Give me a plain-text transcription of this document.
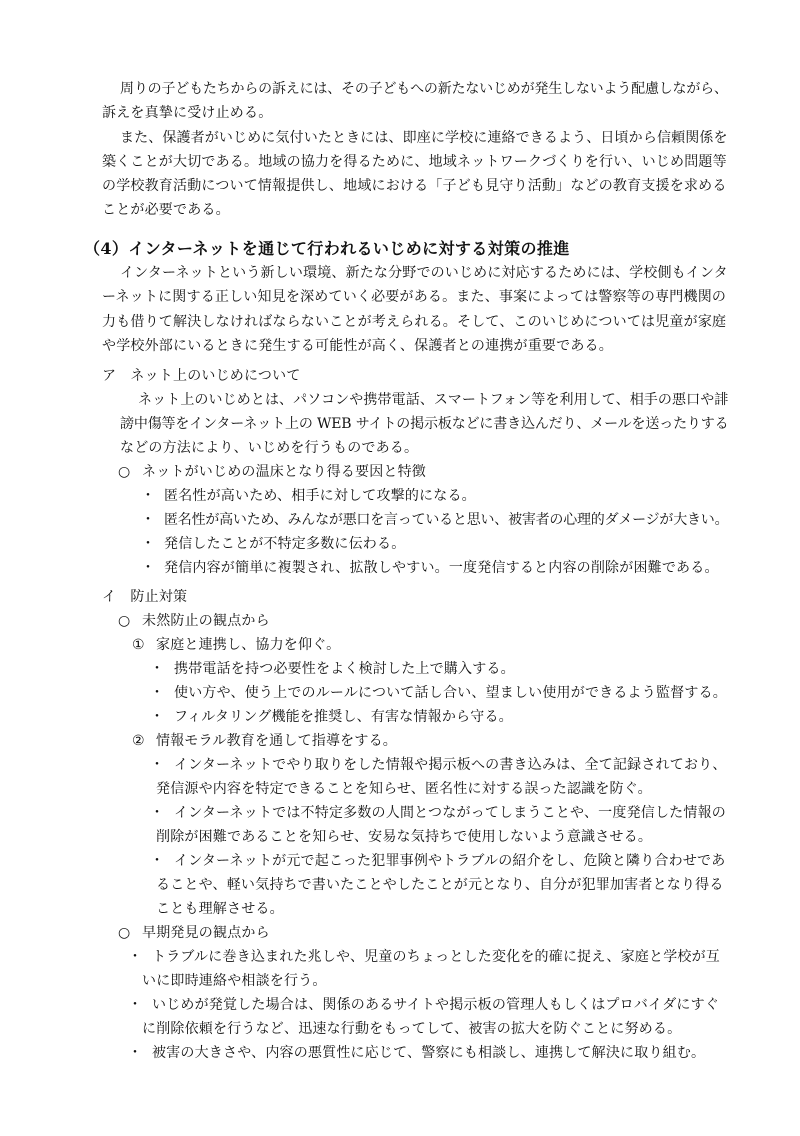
周りの子どもたちからの訴えには、その子どもへの新たないじめが発生しないよう配慮しながら、
訴えを真摯に受け止める。
また、保護者がいじめに気付いたときには、即座に学校に連絡できるよう、日頃から信頼関係を
築くことが大切である。地域の協力を得るために、地域ネットワークづくりを行い、いじめ問題等
の学校教育活動について情報提供し、地域における「子ども見守り活動」などの教育支援を求める
ことが必要である。
（4）インターネットを通じて行われるいじめに対する対策の推進
インターネットという新しい環境、新たな分野でのいじめに対応するためには、学校側もインタ
ーネットに関する正しい知見を深めていく必要がある。また、事案によっては警察等の専門機関の
力も借りて解決しなければならないことが考えられる。そして、このいじめについては児童が家庭
や学校外部にいるときに発生する可能性が高く、保護者との連携が重要である。
ア　ネット上のいじめについて
ネット上のいじめとは、パソコンや携帯電話、スマートフォン等を利用して、相手の悪口や誹
謗中傷等をインターネット上の WEB サイトの掲示板などに書き込んだり、メールを送ったりする
などの方法により、いじめを行うものである。
○ ネットがいじめの温床となり得る要因と特徴
・ 匿名性が高いため、相手に対して攻撃的になる。
・ 匿名性が高いため、みんなが悪口を言っていると思い、被害者の心理的ダメージが大きい。
・ 発信したことが不特定多数に伝わる。
・ 発信内容が簡単に複製され、拡散しやすい。一度発信すると内容の削除が困難である。
イ　防止対策
○ 未然防止の観点から
① 家庭と連携し、協力を仰ぐ。
・ 携帯電話を持つ必要性をよく検討した上で購入する。
・ 使い方や、使う上でのルールについて話し合い、望ましい使用ができるよう監督する。
・ フィルタリング機能を推奨し、有害な情報から守る。
② 情報モラル教育を通して指導をする。
・ インターネットでやり取りをした情報や掲示板への書き込みは、全て記録されており、
発信源や内容を特定できることを知らせ、匿名性に対する誤った認識を防ぐ。
・ インターネットでは不特定多数の人間とつながってしまうことや、一度発信した情報の
削除が困難であることを知らせ、安易な気持ちで使用しないよう意識させる。
・ インターネットが元で起こった犯罪事例やトラブルの紹介をし、危険と隣り合わせであ
ることや、軽い気持ちで書いたことやしたことが元となり、自分が犯罪加害者となり得る
ことも理解させる。
○ 早期発見の観点から
・ トラブルに巻き込まれた兆しや、児童のちょっとした変化を的確に捉え、家庭と学校が互
いに即時連絡や相談を行う。
・ いじめが発覚した場合は、関係のあるサイトや掲示板の管理人もしくはプロバイダにすぐ
に削除依頼を行うなど、迅速な行動をもってして、被害の拡大を防ぐことに努める。
・ 被害の大きさや、内容の悪質性に応じて、警察にも相談し、連携して解決に取り組む。
